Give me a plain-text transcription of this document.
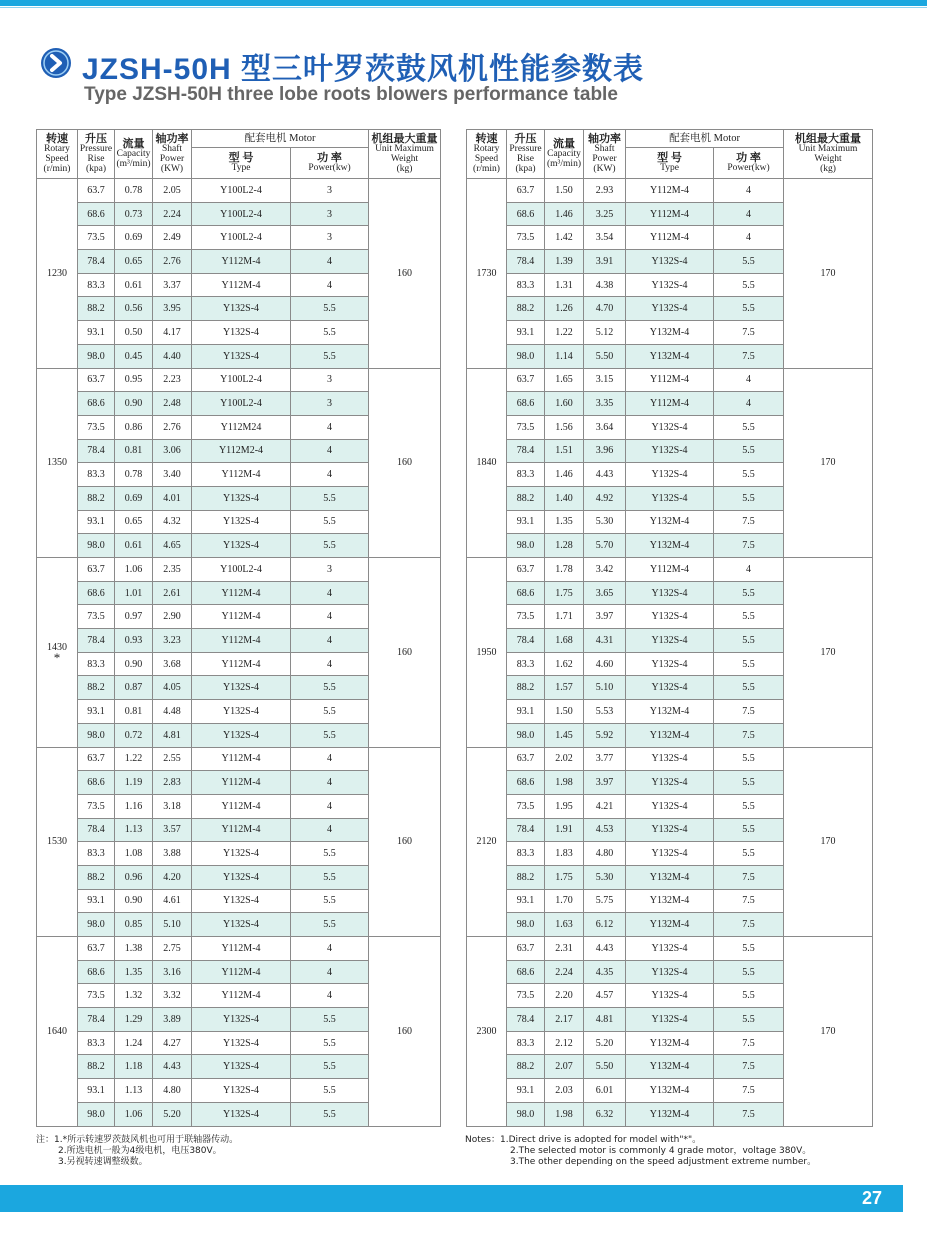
JZSH-50H 型三叶罗茨鼓风机性能参数表
Type JZSH-50H three lobe roots blowers performance table
转速
Rotary
Speed
(r/min)	升压
Pressure
Rise
(kpa)	流量
Capacity
(m³/min)	轴功率
Shaft
Power
(KW)	配套电机 Motor		机组最大重量
Unit Maximum
Weight
(kg)

				型 号
Type	功 率
Power(kw)	

1230	63.7	0.78	2.05	Y100L2-4	3	160
	68.6	0.73	2.24	Y100L2-4	3	
	73.5	0.69	2.49	Y100L2-4	3	
	78.4	0.65	2.76	Y112M-4	4	
	83.3	0.61	3.37	Y112M-4	4	
	88.2	0.56	3.95	Y132S-4	5.5	
	93.1	0.50	4.17	Y132S-4	5.5	
	98.0	0.45	4.40	Y132S-4	5.5	

1350	63.7	0.95	2.23	Y100L2-4	3	160
	68.6	0.90	2.48	Y100L2-4	3	
	73.5	0.86	2.76	Y112M24	4	
	78.4	0.81	3.06	Y112M2-4	4	
	83.3	0.78	3.40	Y112M-4	4	
	88.2	0.69	4.01	Y132S-4	5.5	
	93.1	0.65	4.32	Y132S-4	5.5	
	98.0	0.61	4.65	Y132S-4	5.5	

1430
*	63.7	1.06	2.35	Y100L2-4	3	160
	68.6	1.01	2.61	Y112M-4	4	
	73.5	0.97	2.90	Y112M-4	4	
	78.4	0.93	3.23	Y112M-4	4	
	83.3	0.90	3.68	Y112M-4	4	
	88.2	0.87	4.05	Y132S-4	5.5	
	93.1	0.81	4.48	Y132S-4	5.5	
	98.0	0.72	4.81	Y132S-4	5.5	

1530	63.7	1.22	2.55	Y112M-4	4	160
	68.6	1.19	2.83	Y112M-4	4	
	73.5	1.16	3.18	Y112M-4	4	
	78.4	1.13	3.57	Y112M-4	4	
	83.3	1.08	3.88	Y132S-4	5.5	
	88.2	0.96	4.20	Y132S-4	5.5	
	93.1	0.90	4.61	Y132S-4	5.5	
	98.0	0.85	5.10	Y132S-4	5.5	

1640	63.7	1.38	2.75	Y112M-4	4	160
	68.6	1.35	3.16	Y112M-4	4	
	73.5	1.32	3.32	Y112M-4	4	
	78.4	1.29	3.89	Y132S-4	5.5	
	83.3	1.24	4.27	Y132S-4	5.5	
	88.2	1.18	4.43	Y132S-4	5.5	
	93.1	1.13	4.80	Y132S-4	5.5	
	98.0	1.06	5.20	Y132S-4	5.5	
转速
Rotary
Speed
(r/min)	升压
Pressure
Rise
(kpa)	流量
Capacity
(m³/min)	轴功率
Shaft
Power
(KW)	配套电机 Motor		机组最大重量
Unit Maximum
Weight
(kg)

				型 号
Type	功 率
Power(kw)	

1730	63.7	1.50	2.93	Y112M-4	4	170
	68.6	1.46	3.25	Y112M-4	4	
	73.5	1.42	3.54	Y112M-4	4	
	78.4	1.39	3.91	Y132S-4	5.5	
	83.3	1.31	4.38	Y132S-4	5.5	
	88.2	1.26	4.70	Y132S-4	5.5	
	93.1	1.22	5.12	Y132M-4	7.5	
	98.0	1.14	5.50	Y132M-4	7.5	

1840	63.7	1.65	3.15	Y112M-4	4	170
	68.6	1.60	3.35	Y112M-4	4	
	73.5	1.56	3.64	Y132S-4	5.5	
	78.4	1.51	3.96	Y132S-4	5.5	
	83.3	1.46	4.43	Y132S-4	5.5	
	88.2	1.40	4.92	Y132S-4	5.5	
	93.1	1.35	5.30	Y132M-4	7.5	
	98.0	1.28	5.70	Y132M-4	7.5	

1950	63.7	1.78	3.42	Y112M-4	4	170
	68.6	1.75	3.65	Y132S-4	5.5	
	73.5	1.71	3.97	Y132S-4	5.5	
	78.4	1.68	4.31	Y132S-4	5.5	
	83.3	1.62	4.60	Y132S-4	5.5	
	88.2	1.57	5.10	Y132S-4	5.5	
	93.1	1.50	5.53	Y132M-4	7.5	
	98.0	1.45	5.92	Y132M-4	7.5	

2120	63.7	2.02	3.77	Y132S-4	5.5	170
	68.6	1.98	3.97	Y132S-4	5.5	
	73.5	1.95	4.21	Y132S-4	5.5	
	78.4	1.91	4.53	Y132S-4	5.5	
	83.3	1.83	4.80	Y132S-4	5.5	
	88.2	1.75	5.30	Y132M-4	7.5	
	93.1	1.70	5.75	Y132M-4	7.5	
	98.0	1.63	6.12	Y132M-4	7.5	

2300	63.7	2.31	4.43	Y132S-4	5.5	170
	68.6	2.24	4.35	Y132S-4	5.5	
	73.5	2.20	4.57	Y132S-4	5.5	
	78.4	2.17	4.81	Y132S-4	5.5	
	83.3	2.12	5.20	Y132M-4	7.5	
	88.2	2.07	5.50	Y132M-4	7.5	
	93.1	2.03	6.01	Y132M-4	7.5	
	98.0	1.98	6.32	Y132M-4	7.5	
注：1.*所示转速罗茨鼓风机也可用于联轴器传动。
2.所选电机一般为4级电机，电压380V。
3.另视转速调整级数。
Notes：1.Direct drive is adopted for model with"*"。
2.The selected motor is commonly 4 grade motor，voltage 380V。
3.The other depending on the speed adjustment extreme number。
27
